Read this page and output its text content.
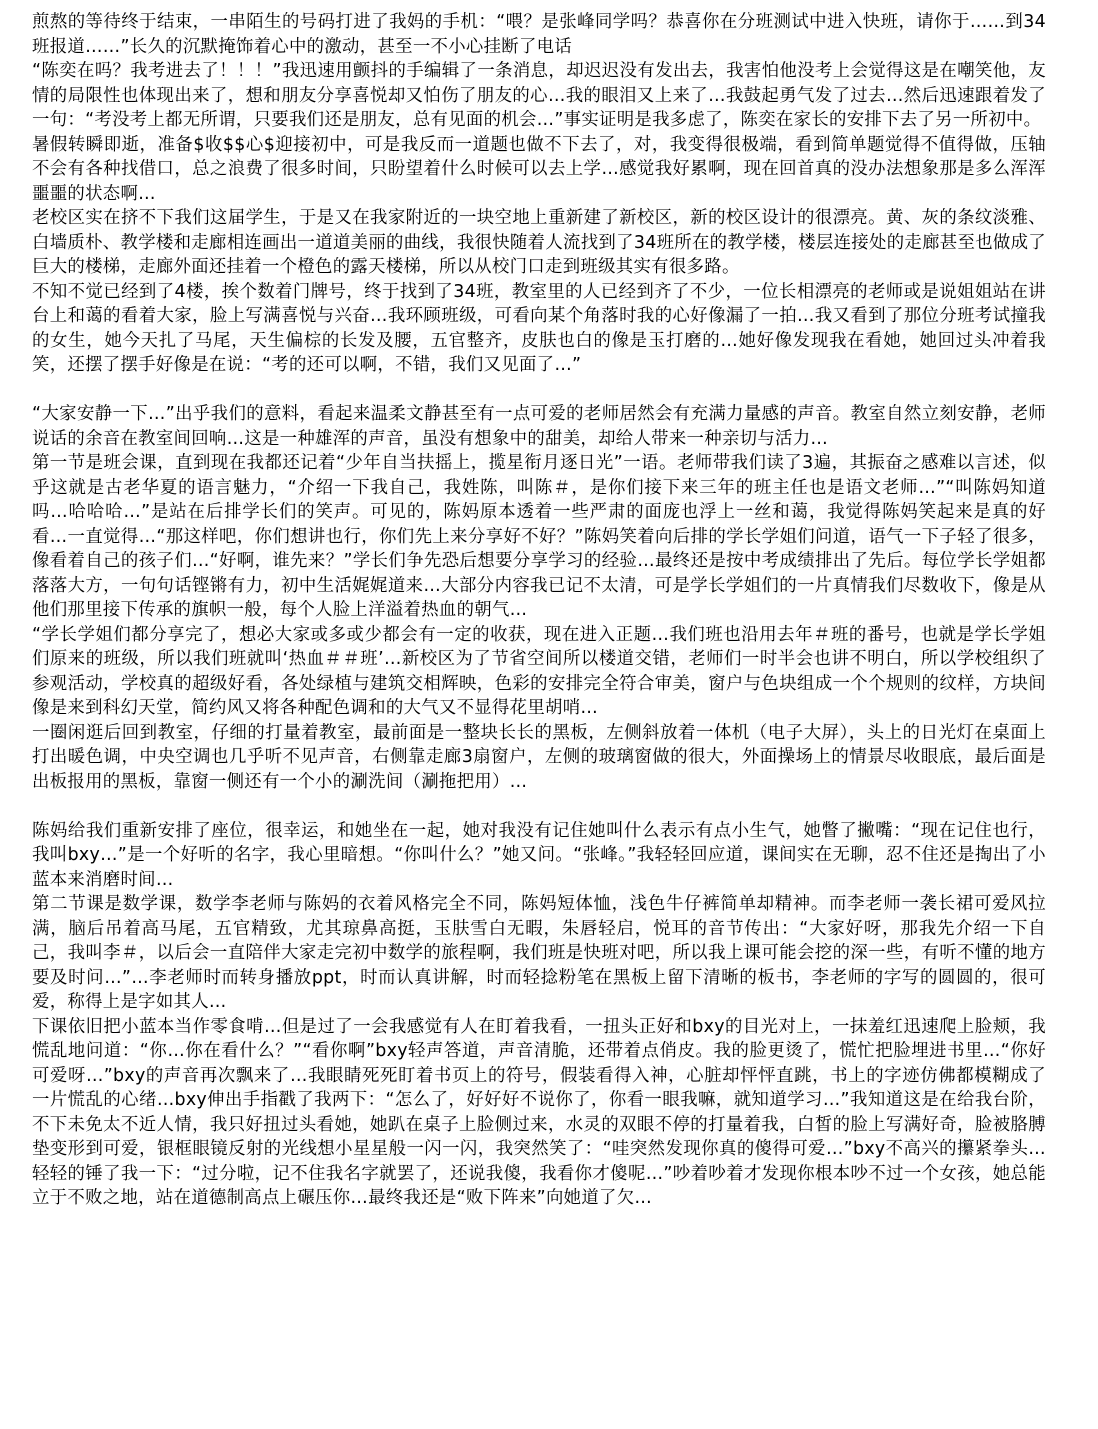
煎熬的等待终于结束，一串陌生的号码打进了我妈的手机：“喂？是张峰同学吗？恭喜你在分班测试中进入快班，请你于……到34班报道……”长久的沉默掩饰着心中的激动，甚至一不小心挂断了电话

“陈奕在吗？我考进去了！！！”我迅速用颤抖的手编辑了一条消息，却迟迟没有发出去，我害怕他没考上会觉得这是在嘲笑他，友情的局限性也体现出来了，想和朋友分享喜悦却又怕伤了朋友的心…我的眼泪又上来了…我鼓起勇气发了过去…然后迅速跟着发了一句：“考没考上都无所谓，只要我们还是朋友，总有见面的机会…”事实证明是我多虑了，陈奕在家长的安排下去了另一所初中。

暑假转瞬即逝，准备$收$$心$迎接初中，可是我反而一道题也做不下去了，对，我变得很极端，看到简单题觉得不值得做，压轴不会有各种找借口，总之浪费了很多时间，只盼望着什么时候可以去上学…感觉我好累啊，现在回首真的没办法想象那是多么浑浑噩噩的状态啊…

老校区实在挤不下我们这届学生，于是又在我家附近的一块空地上重新建了新校区，新的校区设计的很漂亮。黄、灰的条纹淡雅、白墙质朴、教学楼和走廊相连画出一道道美丽的曲线，我很快随着人流找到了34班所在的教学楼，楼层连接处的走廊甚至也做成了巨大的楼梯，走廊外面还挂着一个橙色的露天楼梯，所以从校门口走到班级其实有很多路。

不知不觉已经到了4楼，挨个数着门牌号，终于找到了34班，教室里的人已经到齐了不少，一位长相漂亮的老师或是说姐姐站在讲台上和蔼的看着大家，脸上写满喜悦与兴奋…我环顾班级，可看向某个角落时我的心好像漏了一拍…我又看到了那位分班考试撞我的女生，她今天扎了马尾，天生偏棕的长发及腰，五官整齐，皮肤也白的像是玉打磨的…她好像发现我在看她，她回过头冲着我笑，还摆了摆手好像是在说：“考的还可以啊，不错，我们又见面了…”

“大家安静一下…”出乎我们的意料，看起来温柔文静甚至有一点可爱的老师居然会有充满力量感的声音。教室自然立刻安静，老师说话的余音在教室间回响…这是一种雄浑的声音，虽没有想象中的甜美，却给人带来一种亲切与活力…

第一节是班会课，直到现在我都还记着“少年自当扶摇上，揽星衔月逐日光”一语。老师带我们读了3遍，其振奋之感难以言述，似乎这就是古老华夏的语言魅力，“介绍一下我自己，我姓陈，叫陈＃，是你们接下来三年的班主任也是语文老师…”“叫陈妈知道吗…哈哈哈…”是站在后排学长们的笑声。可见的，陈妈原本透着一些严肃的面庞也浮上一丝和蔼，我觉得陈妈笑起来是真的好看…一直觉得…“那这样吧，你们想讲也行，你们先上来分享好不好？”陈妈笑着向后排的学长学姐们问道，语气一下子轻了很多，像看着自己的孩子们…“好啊，谁先来？”学长们争先恐后想要分享学习的经验…最终还是按中考成绩排出了先后。每位学长学姐都落落大方，一句句话铿锵有力，初中生活娓娓道来…大部分内容我已记不太清，可是学长学姐们的一片真情我们尽数收下，像是从他们那里接下传承的旗帜一般，每个人脸上洋溢着热血的朝气…

“学长学姐们都分享完了，想必大家或多或少都会有一定的收获，现在进入正题…我们班也沿用去年＃班的番号，也就是学长学姐们原来的班级，所以我们班就叫‘热血＃＃班’…新校区为了节省空间所以楼道交错，老师们一时半会也讲不明白，所以学校组织了参观活动，学校真的超级好看，各处绿植与建筑交相辉映，色彩的安排完全符合审美，窗户与色块组成一个个规则的纹样，方块间像是来到科幻天堂，简约风又将各种配色调和的大气又不显得花里胡哨…

一圈闲逛后回到教室，仔细的打量着教室，最前面是一整块长长的黑板，左侧斜放着一体机（电子大屏），头上的日光灯在桌面上打出暖色调，中央空调也几乎听不见声音，右侧靠走廊3扇窗户，左侧的玻璃窗做的很大，外面操场上的情景尽收眼底，最后面是出板报用的黑板，靠窗一侧还有一个小的涮洗间（涮拖把用）…

陈妈给我们重新安排了座位，很幸运，和她坐在一起，她对我没有记住她叫什么表示有点小生气，她瞥了撇嘴：“现在记住也行，我叫bxy…”是一个好听的名字，我心里暗想。“你叫什么？”她又问。“张峰。”我轻轻回应道，课间实在无聊，忍不住还是掏出了小蓝本来消磨时间…

第二节课是数学课，数学李老师与陈妈的衣着风格完全不同，陈妈短体恤，浅色牛仔裤简单却精神。而李老师一袭长裙可爱风拉满，脑后吊着高马尾，五官精致，尤其琼鼻高挺，玉肤雪白无暇，朱唇轻启，悦耳的音节传出：“大家好呀，那我先介绍一下自己，我叫李＃，以后会一直陪伴大家走完初中数学的旅程啊，我们班是快班对吧，所以我上课可能会挖的深一些，有听不懂的地方要及时问…”…李老师时而转身播放ppt，时而认真讲解，时而轻捻粉笔在黑板上留下清晰的板书，李老师的字写的圆圆的，很可爱，称得上是字如其人…

下课依旧把小蓝本当作零食啃…但是过了一会我感觉有人在盯着我看，一扭头正好和bxy的目光对上，一抹羞红迅速爬上脸颊，我慌乱地问道：“你…你在看什么？”“看你啊”bxy轻声答道，声音清脆，还带着点俏皮。我的脸更烫了，慌忙把脸埋进书里…“你好可爱呀…”bxy的声音再次飘来了…我眼睛死死盯着书页上的符号，假装看得入神，心脏却怦怦直跳，书上的字迹仿佛都模糊成了一片慌乱的心绪…bxy伸出手指戳了我两下：“怎么了，好好好不说你了，你看一眼我嘛，就知道学习…”我知道这是在给我台阶，不下未免太不近人情，我只好扭过头看她，她趴在桌子上脸侧过来，水灵的双眼不停的打量着我，白皙的脸上写满好奇，脸被胳膊垫变形到可爱，银框眼镜反射的光线想小星星般一闪一闪，我突然笑了：“哇突然发现你真的傻得可爱…”bxy不高兴的攥紧拳头…轻轻的锤了我一下：“过分啦，记不住我名字就罢了，还说我傻，我看你才傻呢…”吵着吵着才发现你根本吵不过一个女孩，她总能立于不败之地，站在道德制高点上碾压你…最终我还是“败下阵来”向她道了欠…
